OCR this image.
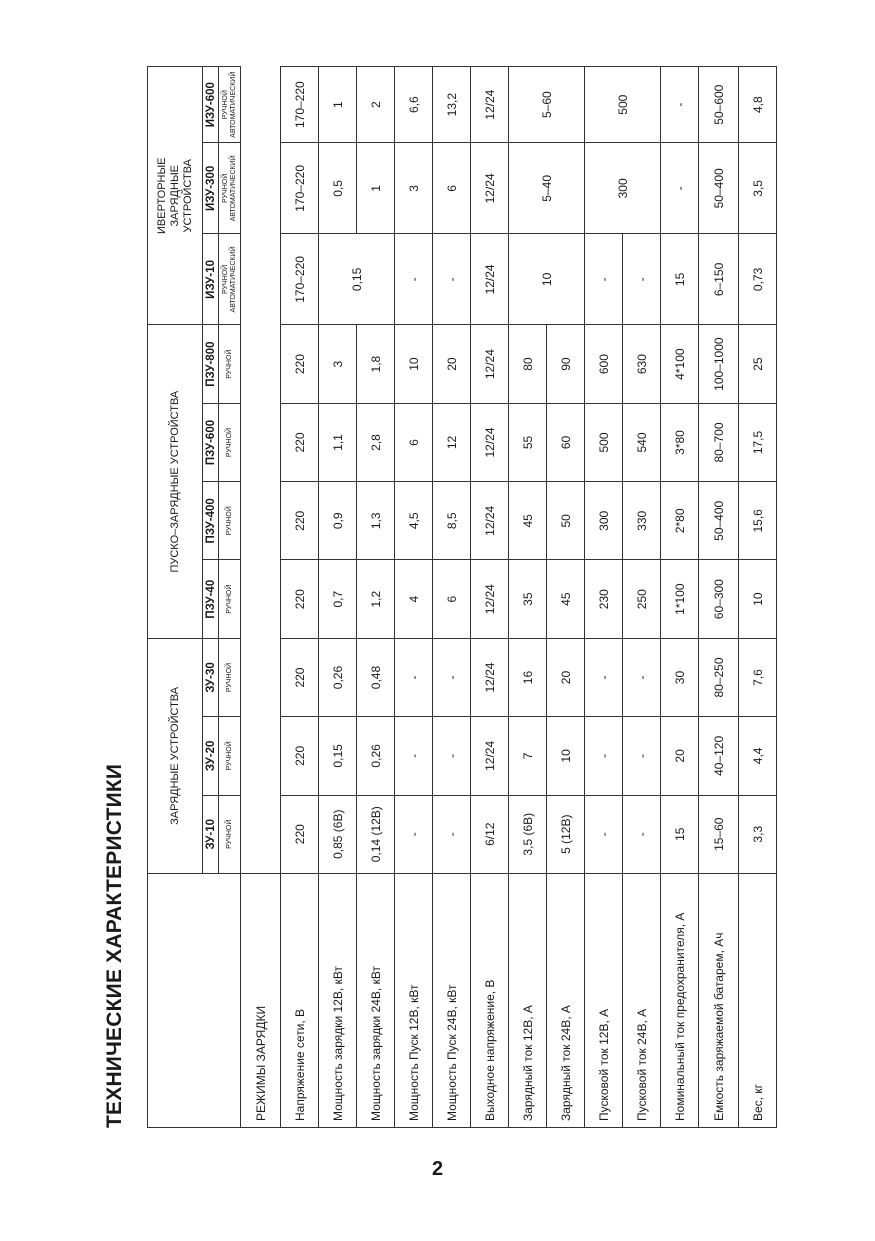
ТЕХНИЧЕСКИЕ ХАРАКТЕРИСТИКИ
	ЗАРЯДНЫЕ УСТРОЙСТВА			ПУСКО–ЗАРЯДНЫЕ УСТРОЙСТВА				ИВЕРТОРНЫЕ ЗАРЯДНЫЕ УСТРОЙСТВА		
	ЗУ-10	ЗУ-20	ЗУ-30	ПЗУ-40	ПЗУ-400	ПЗУ-600	ПЗУ-800	ИЗУ-10	ИЗУ-300	ИЗУ-600
	РУЧНОЙ	РУЧНОЙ	РУЧНОЙ	РУЧНОЙ	РУЧНОЙ	РУЧНОЙ	РУЧНОЙ	РУЧНОЙ АВТОМАТИЧЕСКИЙ	РУЧНОЙ АВТОМАТИЧЕСКИЙ	РУЧНОЙ АВТОМАТИЧЕСКИЙ
РЕЖИМЫ ЗАРЯДКИ										
Напряжение сети, В	220	220	220	220	220	220	220	170–220	170–220	170–220
Мощность зарядки 12В, кВт	0,85 (6В)	0,15	0,26	0,7	0,9	1,1	3	0,15	0,5	1
Мощность зарядки 24В, кВт	0,14 (12В)	0,26	0,48	1,2	1,3	2,8	1,8		1	2
Мощность Пуск 12В, кВт	-	-	-	4	4,5	6	10	-	3	6,6
Мощность Пуск 24В, кВт	-	-	-	6	8,5	12	20	-	6	13,2
Выходное напряжение, В	6/12	12/24	12/24	12/24	12/24	12/24	12/24	12/24	12/24	12/24
Зарядный ток 12В, А	3,5 (6В)	7	16	35	45	55	80	10	5–40	5–60
Зарядный ток 24В, А	5 (12В)	10	20	45	50	60	90			
Пусковой ток 12В, А	-	-	-	230	300	500	600	-	300	500
Пусковой ток 24В, А	-	-	-	250	330	540	630	-		
Номинальный ток предохранителя, А	15	20	30	1*100	2*80	3*80	4*100	15	-	-
Емкость заряжаемой батарем, Ач	15–60	40–120	80–250	60–300	50–400	80–700	100–1000	6–150	50–400	50–600
Вес, кг	3,3	4,4	7,6	10	15,6	17,5	25	0,73	3,5	4,8
2
